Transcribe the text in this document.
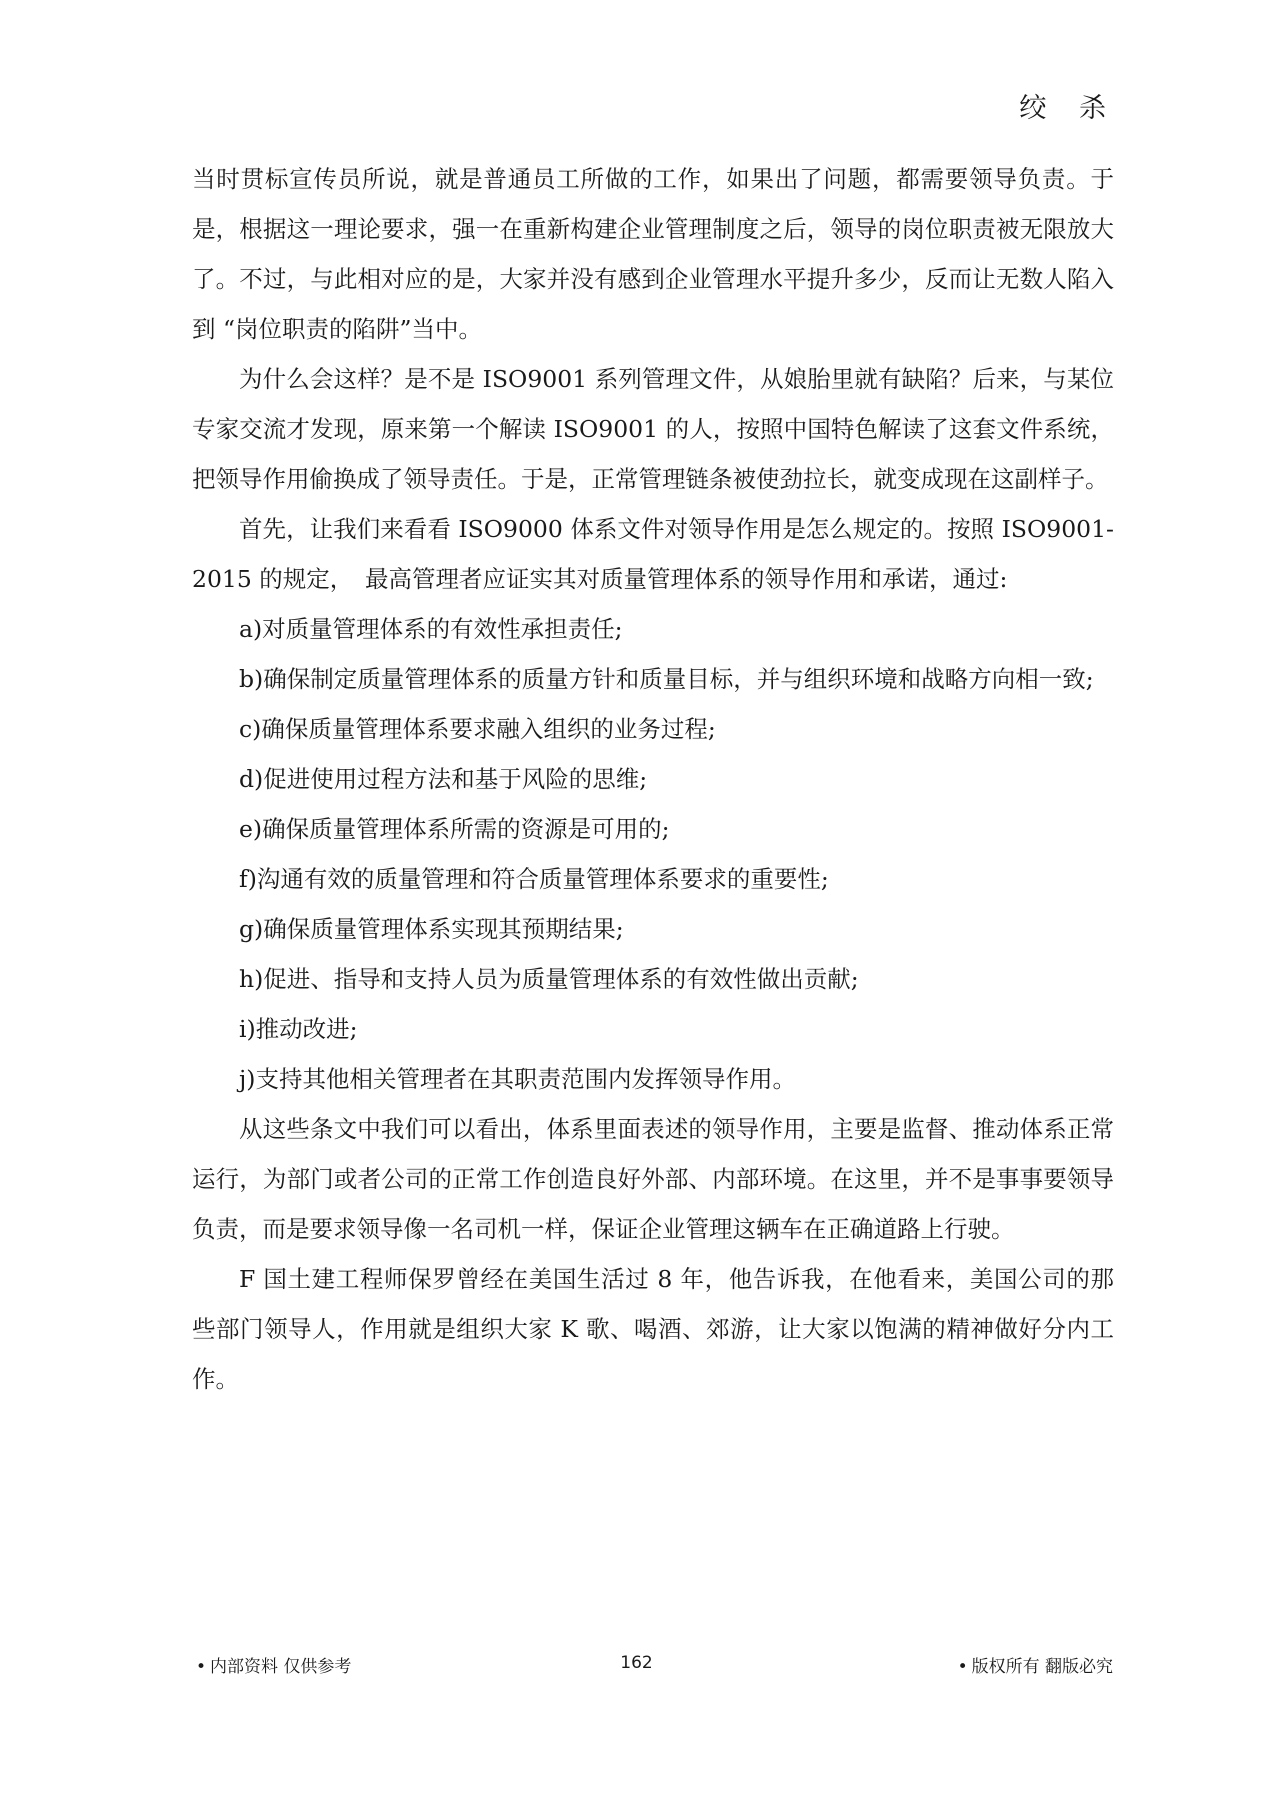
绞 杀

当时贯标宣传员所说，就是普通员工所做的工作，如果出了问题，都需要领导负责。于是，根据这一理论要求，强一在重新构建企业管理制度之后，领导的岗位职责被无限放大了。不过，与此相对应的是，大家并没有感到企业管理水平提升多少，反而让无数人陷入到 “岗位职责的陷阱”当中。

为什么会这样？是不是 ISO9001 系列管理文件，从娘胎里就有缺陷？后来，与某位专家交流才发现，原来第一个解读 ISO9001 的人，按照中国特色解读了这套文件系统，把领导作用偷换成了领导责任。于是，正常管理链条被使劲拉长，就变成现在这副样子。

首先，让我们来看看 ISO9000 体系文件对领导作用是怎么规定的。按照 ISO9001-2015 的规定，　最高管理者应证实其对质量管理体系的领导作用和承诺，通过:

a)对质量管理体系的有效性承担责任;

b)确保制定质量管理体系的质量方针和质量目标，并与组织环境和战略方向相一致;

c)确保质量管理体系要求融入组织的业务过程;

d)促进使用过程方法和基于风险的思维;

e)确保质量管理体系所需的资源是可用的;

f)沟通有效的质量管理和符合质量管理体系要求的重要性;

g)确保质量管理体系实现其预期结果;

h)促进、指导和支持人员为质量管理体系的有效性做出贡献;

i)推动改进;

j)支持其他相关管理者在其职责范围内发挥领导作用。

从这些条文中我们可以看出，体系里面表述的领导作用，主要是监督、推动体系正常运行，为部门或者公司的正常工作创造良好外部、内部环境。在这里，并不是事事要领导负责，而是要求领导像一名司机一样，保证企业管理这辆车在正确道路上行驶。

F 国土建工程师保罗曾经在美国生活过 8 年，他告诉我，在他看来，美国公司的那些部门领导人，作用就是组织大家 K 歌、喝酒、郊游，让大家以饱满的精神做好分内工作。

• 内部资料 仅供参考	162	• 版权所有 翻版必究
